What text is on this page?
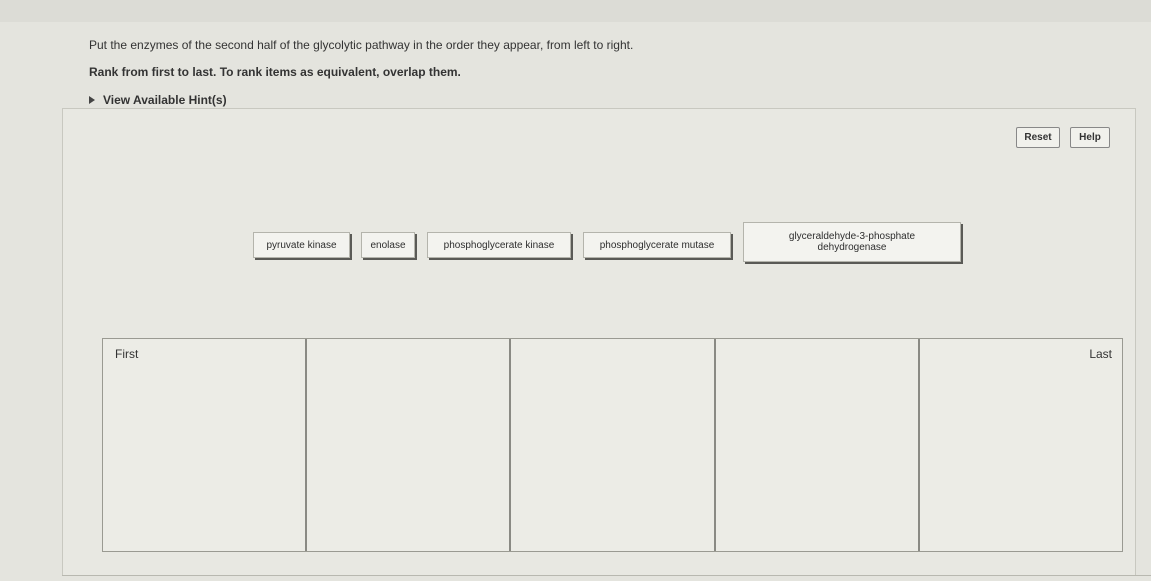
Put the enzymes of the second half of the glycolytic pathway in the order they appear, from left to right.
Rank from first to last. To rank items as equivalent, overlap them.
View Available Hint(s)
Reset	Help
pyruvate kinase	enolase	phosphoglycerate kinase	phosphoglycerate mutase
glyceraldehyde-3-phosphate
dehydrogenase
First	Last
